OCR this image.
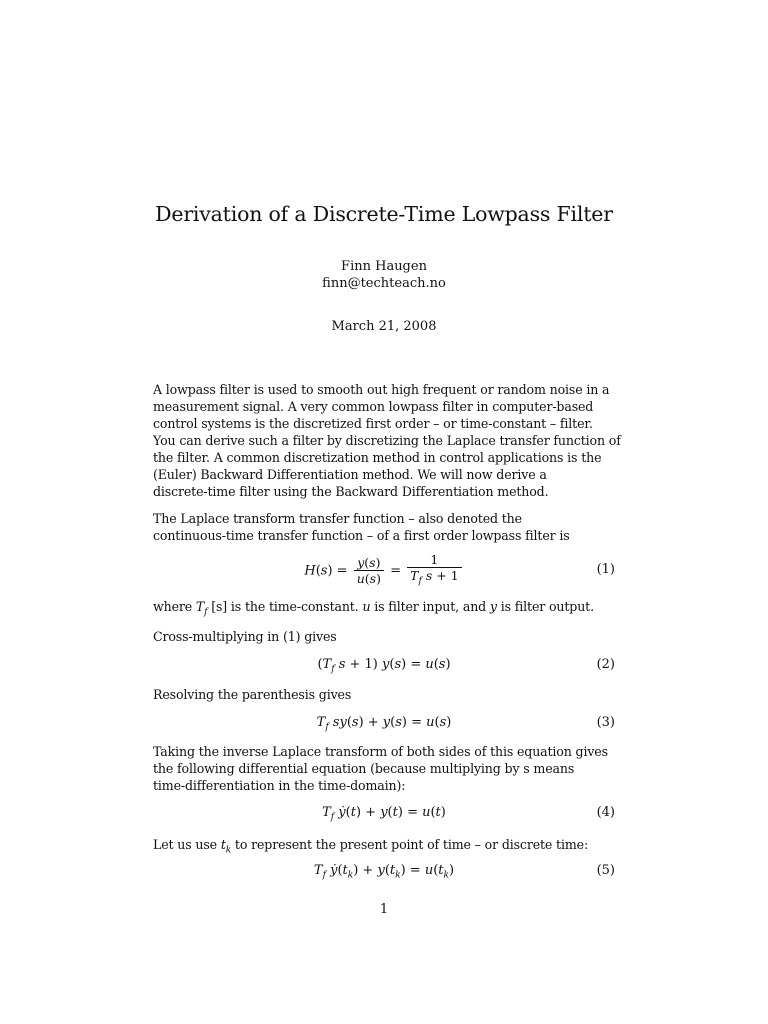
Derivation of a Discrete-Time Lowpass Filter
Finn Haugen
finn@techteach.no
March 21, 2008
A lowpass filter is used to smooth out high frequent or random noise in a
measurement signal. A very common lowpass filter in computer-based
control systems is the discretized first order – or time-constant – filter.
You can derive such a filter by discretizing the Laplace transfer function of
the filter. A common discretization method in control applications is the
(Euler) Backward Differentiation method. We will now derive a
discrete-time filter using the Backward Differentiation method.
The Laplace transform transfer function – also denoted the
continuous-time transfer function – of a first order lowpass filter is
$H(s) = \frac{y(s)}{u(s)} = \frac{1}{T_f s + 1}$	(1)
where $T_f$ [s] is the time-constant. u is filter input, and y is filter output.
Cross-multiplying in (1) gives
($T_f$ s + 1) y(s) = u(s)	(2)
Resolving the parenthesis gives
$T_f$ sy(s) + y(s) = u(s)	(3)
Taking the inverse Laplace transform of both sides of this equation gives
the following differential equation (because multiplying by s means
time-differentiation in the time-domain):
$T_f$ ẏ(t) + y(t) = u(t)	(4)
Let us use $t_k$ to represent the present point of time – or discrete time:
$T_f$ $ẏ(t_k) + y(t_k) = u(t_k)$	(5)
1
